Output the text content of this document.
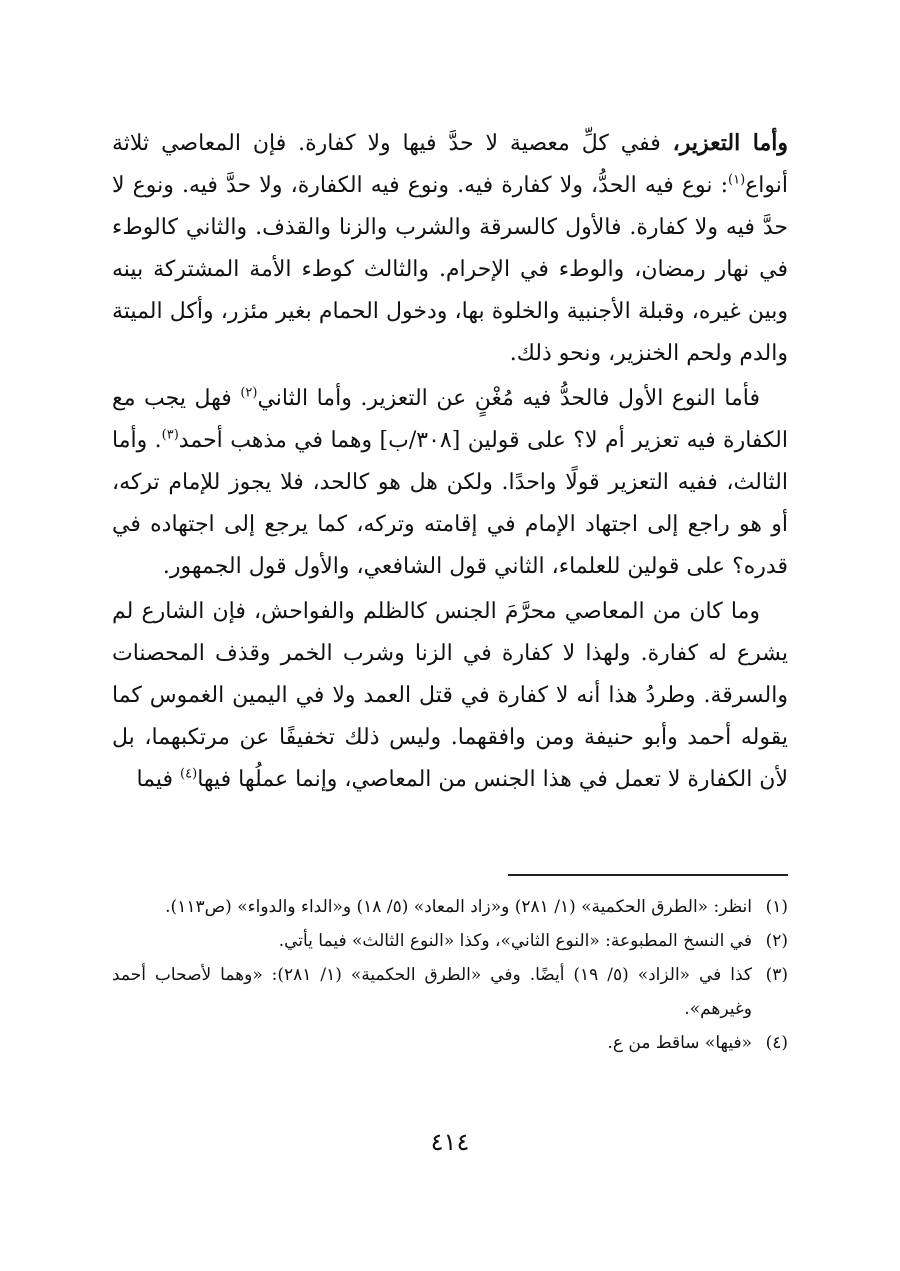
وأما التعزير، ففي كلِّ معصية لا حدَّ فيها ولا كفارة. فإن المعاصي ثلاثة أنواع$^{(١)}$: نوع فيه الحدُّ، ولا كفارة فيه. ونوع فيه الكفارة، ولا حدَّ فيه. ونوع لا حدَّ فيه ولا كفارة. فالأول كالسرقة والشرب والزنا والقذف. والثاني كالوطء في نهار رمضان، والوطء في الإحرام. والثالث كوطء الأمة المشتركة بينه وبين غيره، وقبلة الأجنبية والخلوة بها، ودخول الحمام بغير مئزر، وأكل الميتة والدم ولحم الخنزير، ونحو ذلك.

فأما النوع الأول فالحدُّ فيه مُغْنٍ عن التعزير. وأما الثاني$^{(٢)}$ فهل يجب مع الكفارة فيه تعزير أم لا؟ على قولين [٣٠٨/ب] وهما في مذهب أحمد$^{(٣)}$. وأما الثالث، ففيه التعزير قولًا واحدًا. ولكن هل هو كالحد، فلا يجوز للإمام تركه، أو هو راجع إلى اجتهاد الإمام في إقامته وتركه، كما يرجع إلى اجتهاده في قدره؟ على قولين للعلماء، الثاني قول الشافعي، والأول قول الجمهور.

وما كان من المعاصي محرَّمَ الجنس كالظلم والفواحش، فإن الشارع لم يشرع له كفارة. ولهذا لا كفارة في الزنا وشرب الخمر وقذف المحصنات والسرقة. وطردُ هذا أنه لا كفارة في قتل العمد ولا في اليمين الغموس كما يقوله أحمد وأبو حنيفة ومن وافقهما. وليس ذلك تخفيفًا عن مرتكبهما، بل لأن الكفارة لا تعمل في هذا الجنس من المعاصي، وإنما عملُها فيها$^{(٤)}$ فيما

(١)
انظر: «الطرق الحكمية» (١/ ٢٨١) و«زاد المعاد» (٥/ ١٨) و«الداء والدواء» (ص١١٣).
(٢)
في النسخ المطبوعة: «النوع الثاني»، وكذا «النوع الثالث» فيما يأتي.
(٣)
كذا في «الزاد» (٥/ ١٩) أيضًا. وفي «الطرق الحكمية» (١/ ٢٨١): «وهما لأصحاب أحمد وغيرهم».
(٤)
«فيها» ساقط من ع.
٤١٤
